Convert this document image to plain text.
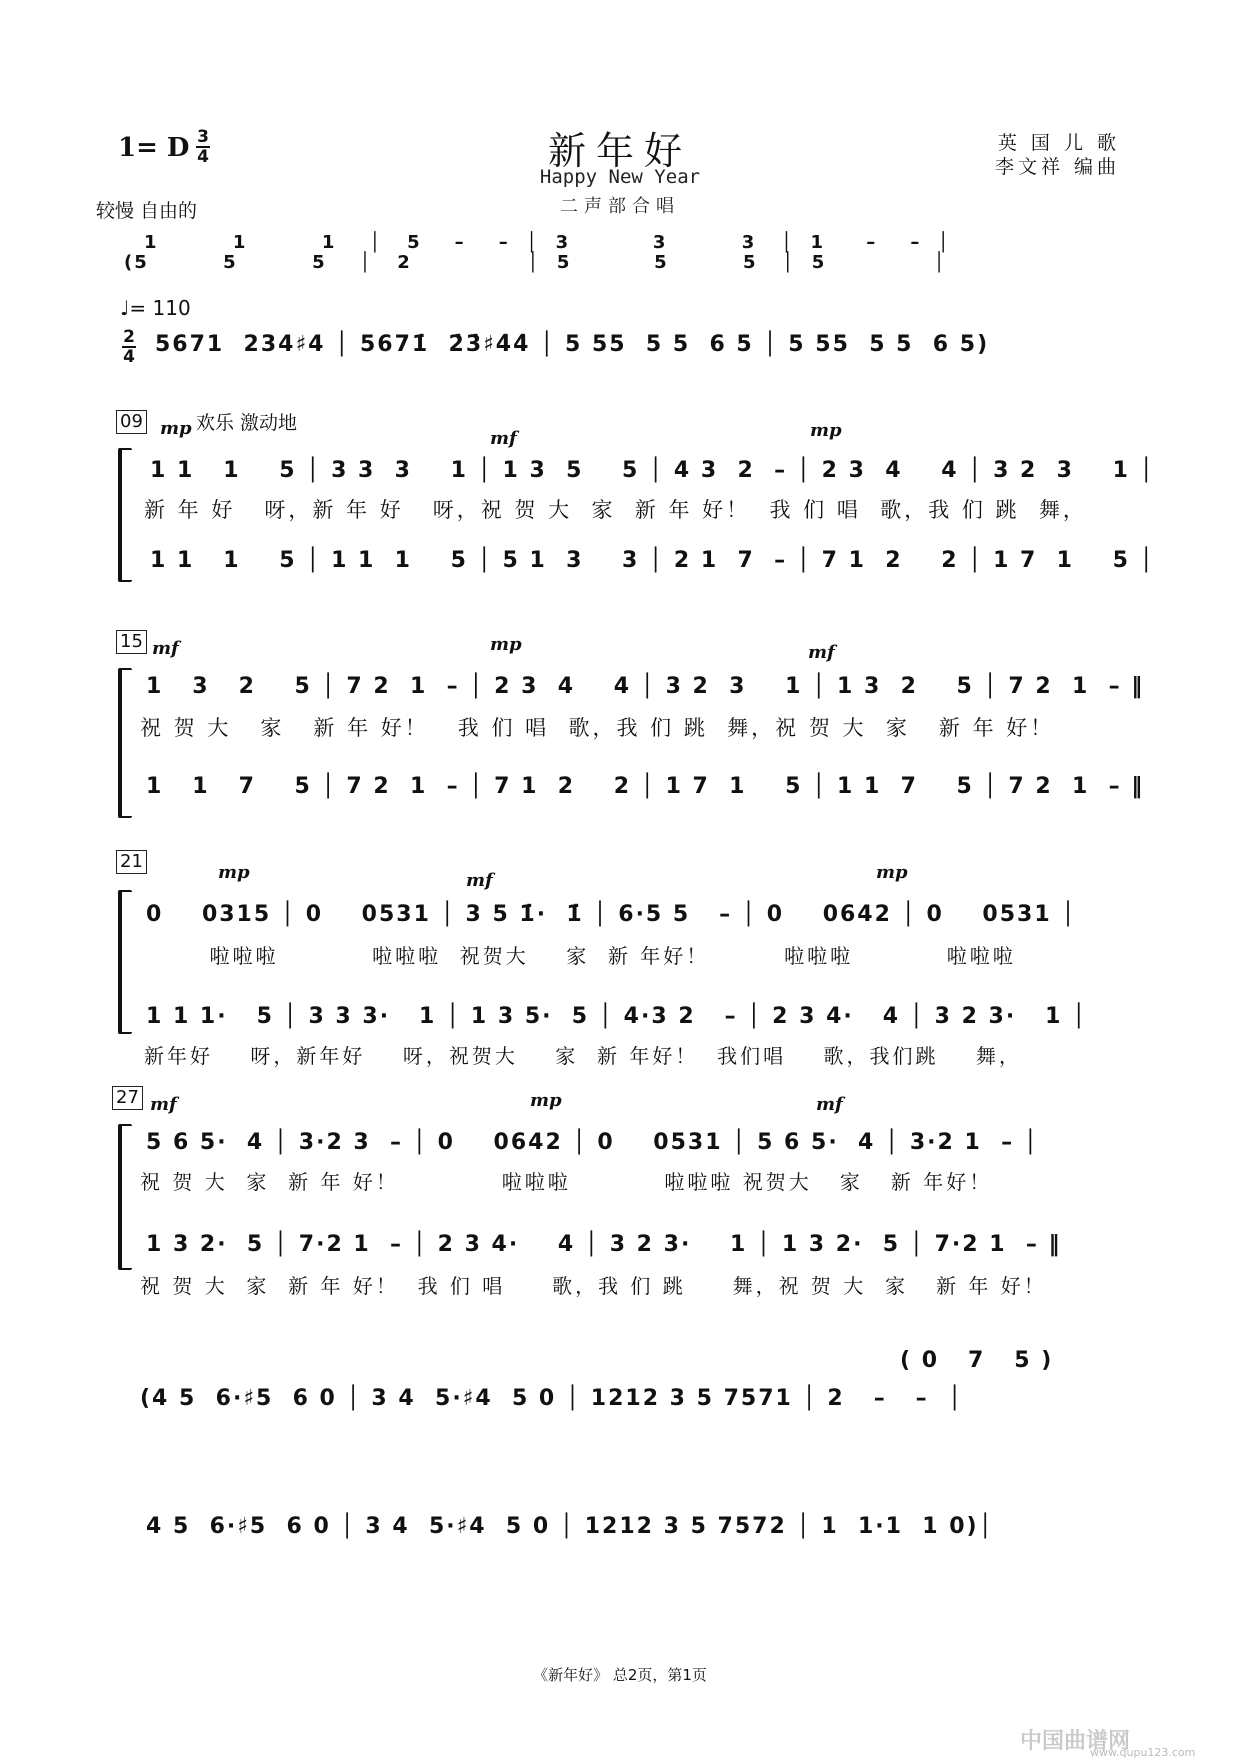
1= D 3
4	新年好
Happy New Year
二声部合唱
英 国 儿 歌
李文祥 编曲
较慢 自由的
1         1         1    │   5    –    –  │  3          3         3   │  1     –    –  │
(5         5         5    │   2              │  5          5         5   │  5             │
♩= 110
2
4 5671  234♯4 │ 5671̇  2̇3̇♯4̇4̇ │ 5 55  5 5  6 5 │ 5 55  5 5  6 5)
09 mp 欢乐 激动地
mf	mp
1 1   1    5 │ 3 3  3    1 │ 1 3  5    5 │ 4 3  2  – │ 2 3  4    4 │ 3 2  3    1 │
新 年 好   呀，新 年 好   呀，祝 贺 大  家  新 年 好！  我 们 唱  歌，我 们 跳  舞，
1 1   1    5 │ 1 1  1    5 │ 5 1  3    3 │ 2 1  7  – │ 7 1  2    2 │ 1 7  1    5 │
15 mf	mp	mf
1   3   2    5 │ 7 2  1  – │ 2 3  4    4 │ 3 2  3    1 │ 1 3  2    5 │ 7 2  1  – ‖
祝 贺 大   家   新 年 好！   我 们 唱  歌，我 们 跳  舞，祝 贺 大  家   新 年 好！
1   1   7    5 │ 7 2  1  – │ 7 1  2    2 │ 1 7  1    5 │ 1 1  7    5 │ 7 2  1  – ‖
21
mp	mf	mp
0    0315 │ 0    0531 │ 3 5 1̇·  1̇ │ 6·5 5   – │ 0    0642 │ 0    0531 │
啦啦啦          啦啦啦  祝贺大    家  新 年好！        啦啦啦          啦啦啦
1 1 1·   5 │ 3 3 3·   1 │ 1 3 5·  5 │ 4·3 2   – │ 2 3 4·   4 │ 3 2 3·   1 │
新年好    呀，新年好    呀，祝贺大    家  新 年好！  我们唱    歌，我们跳    舞，
27 mf	mp	mf
5 6 5·  4 │ 3·2 3  – │ 0    0642 │ 0    0531 │ 5 6 5·  4 │ 3·2 1  – │
祝 贺 大  家  新 年 好！           啦啦啦          啦啦啦 祝贺大   家   新 年好！
1 3 2·  5 │ 7·2 1  – │ 2 3 4·    4 │ 3 2 3·    1 │ 1 3 2·  5 │ 7·2 1  – ‖
祝 贺 大  家  新 年 好！  我 们 唱     歌，我 们 跳     舞，祝 贺 大  家   新 年 好！
( 0   7   5 )
(4 5  6·♯5  6 0 │ 3 4  5·♯4  5 0 │ 1212 3 5 7571 │ 2   –   –  │
4 5  6·♯5  6 0 │ 3 4  5·♯4  5 0 │ 1212 3 5 7572 │ 1  1·1  1 0)│
《新年好》 总2页，第1页
中国曲谱网
www.qupu123.com
